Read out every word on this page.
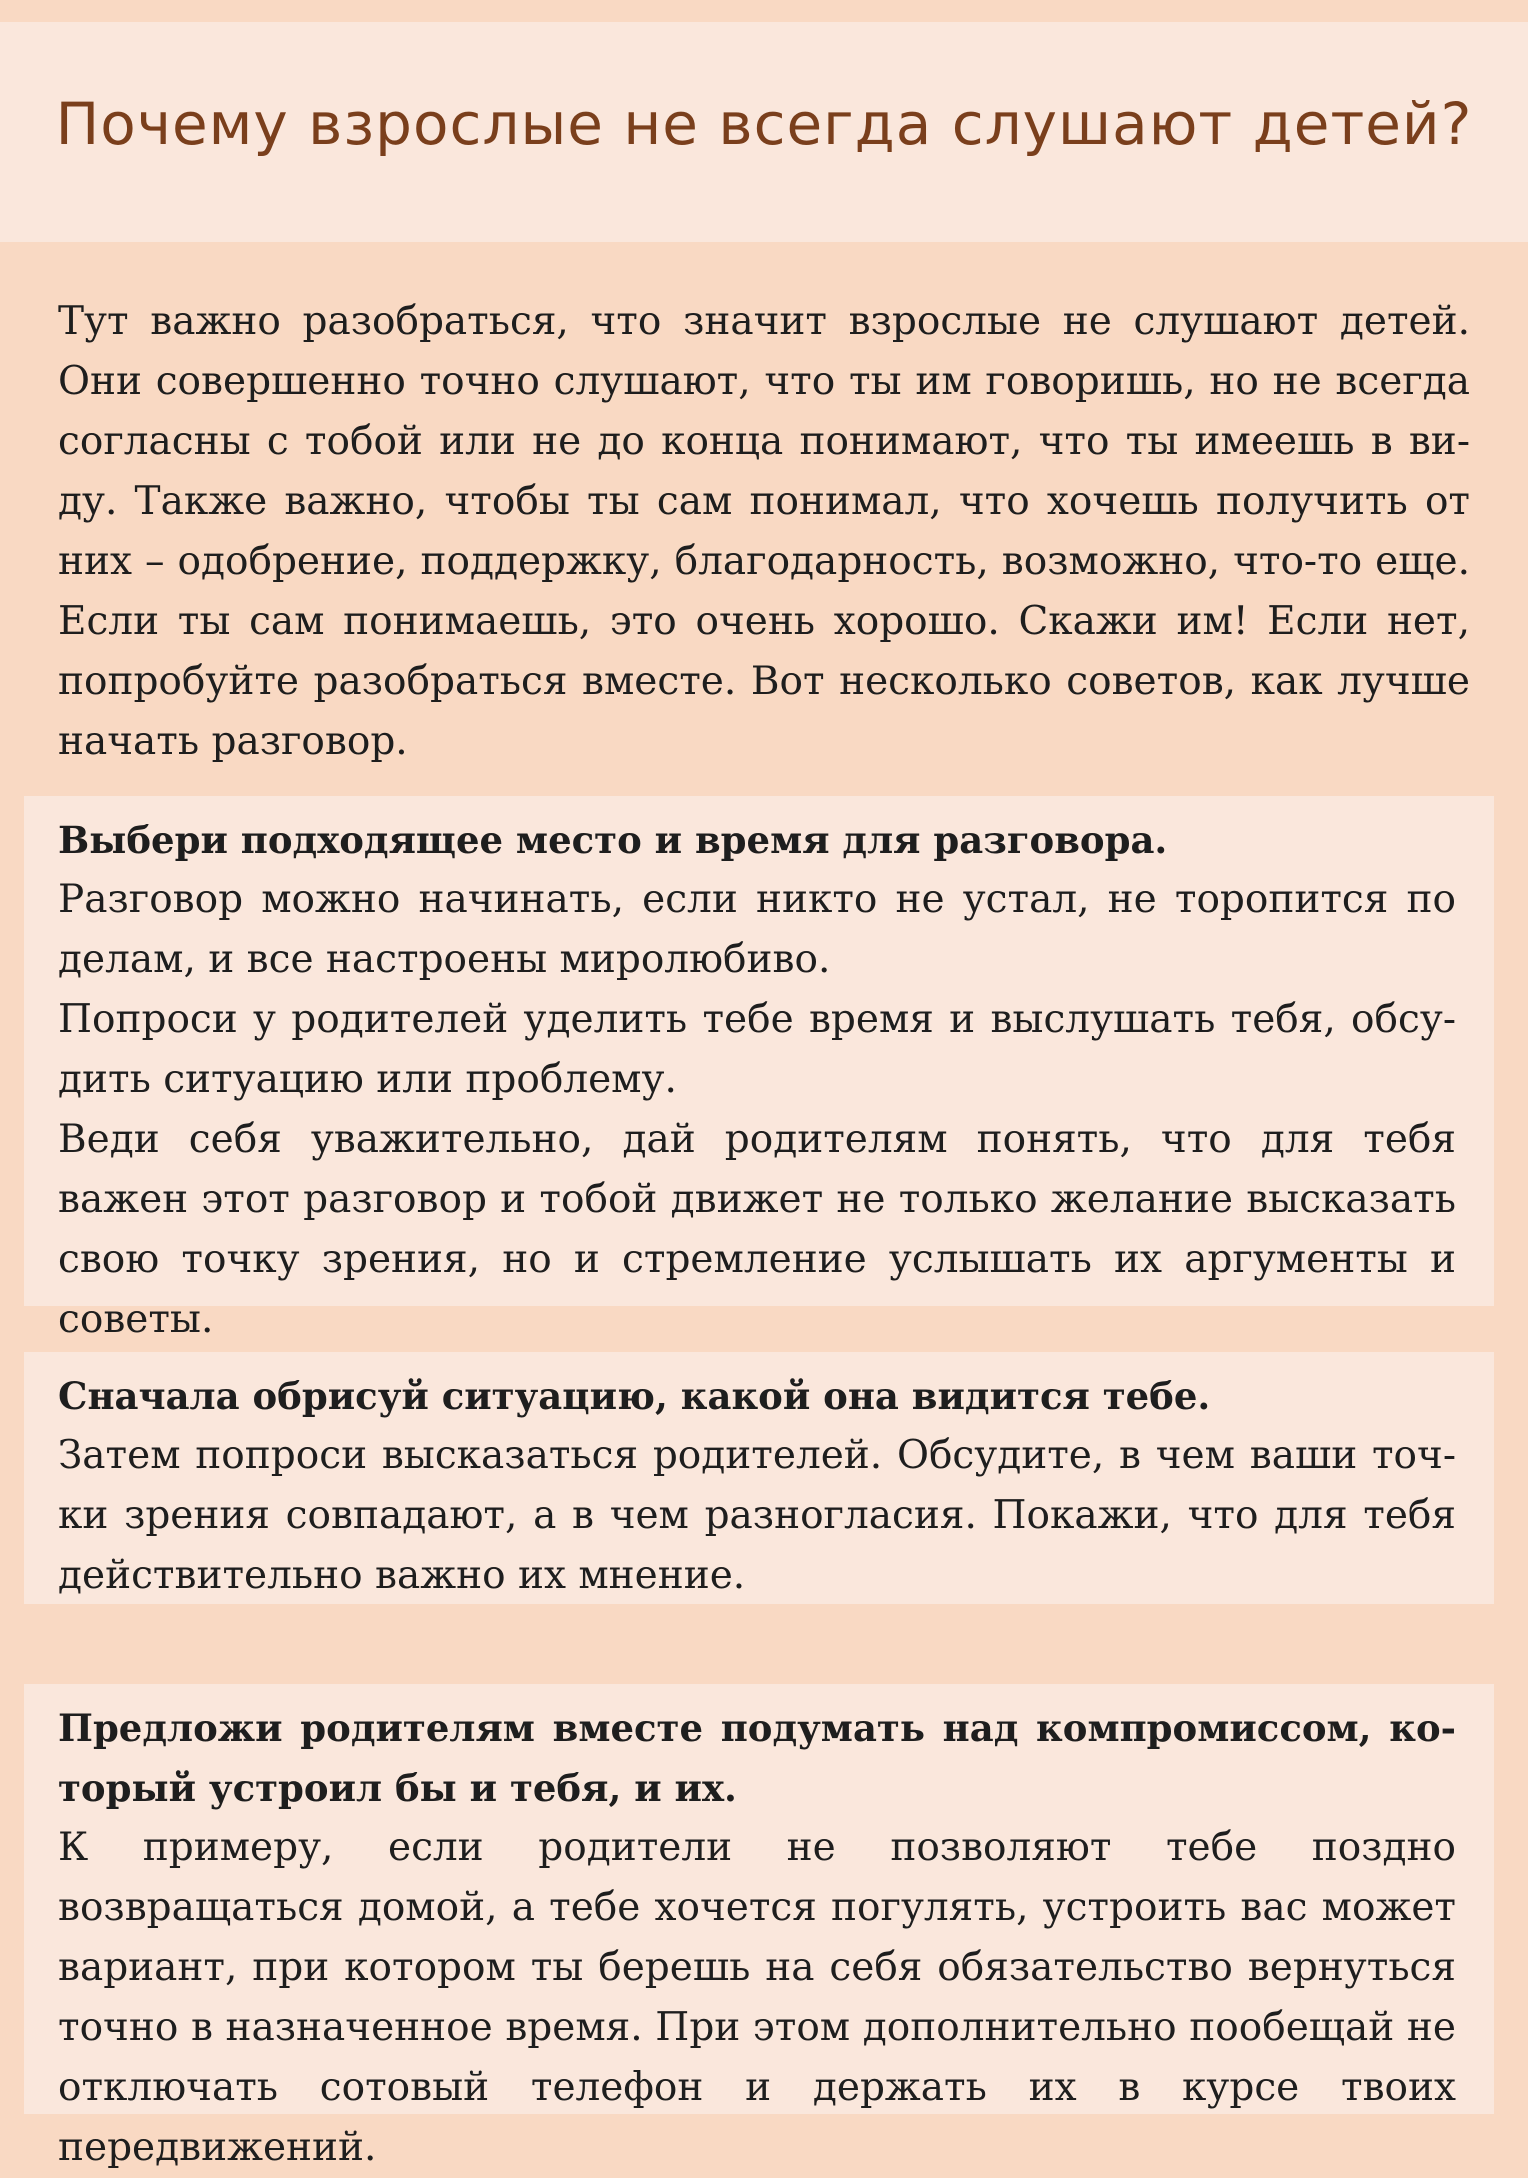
Почему взрослые не всегда слушают детей?

Тут важно разобраться, что значит взрослые не слушают детей. Они совершенно точно слушают, что ты им говоришь, но не всегда согласны с тобой или не до конца понимают, что ты имеешь в виду. Также важно, чтобы ты сам понимал, что хочешь получить от них – одобрение, поддержку, благодарность, возможно, что-то еще. Если ты сам понимаешь, это очень хорошо. Скажи им! Если нет, попробуйте разобраться вместе. Вот несколько советов, как лучше начать разговор.

Выбери подходящее место и время для разговора.

Разговор можно начинать, если никто не устал, не торопится по делам, и все настроены миролюбиво.

Попроси у родителей уделить тебе время и выслушать тебя, обсудить ситуацию или проблему.

Веди себя уважительно, дай родителям понять, что для тебя важен этот разговор и тобой движет не только желание высказать свою точку зрения, но и стремление услышать их аргументы и советы.

Сначала обрисуй ситуацию, какой она видится тебе.

Затем попроси высказаться родителей. Обсудите, в чем ваши точки зрения совпадают, а в чем разногласия. Покажи, что для тебя действительно важно их мнение.

Предложи родителям вместе подумать над компромиссом, который устроил бы и тебя, и их.

К примеру, если родители не позволяют тебе поздно возвращаться домой, а тебе хочется погулять, устроить вас может вариант, при котором ты берешь на себя обязательство вернуться точно в назначенное время. При этом дополнительно пообещай не отключать сотовый телефон и держать их в курсе твоих передвижений.
